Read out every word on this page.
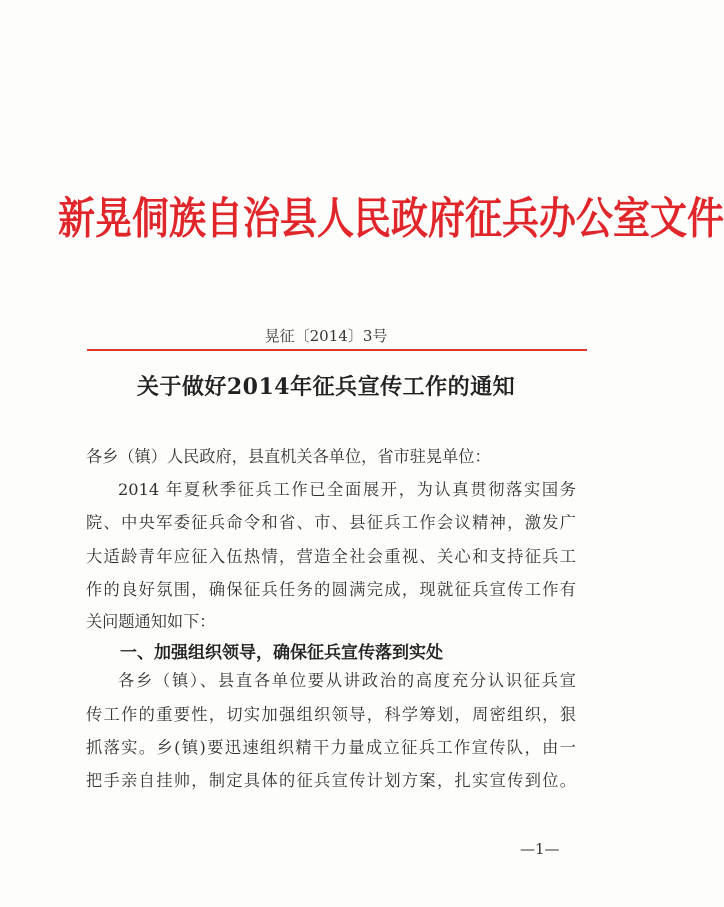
新晃侗族自治县人民政府征兵办公室文件
晃征〔2014〕3号
关于做好2014年征兵宣传工作的通知
各乡（镇）人民政府，县直机关各单位，省市驻晃单位：
2014 年夏秋季征兵工作已全面展开，为认真贯彻落实国务
院、中央军委征兵命令和省、市、县征兵工作会议精神，激发广
大适龄青年应征入伍热情，营造全社会重视、关心和支持征兵工
作的良好氛围，确保征兵任务的圆满完成，现就征兵宣传工作有
关问题通知如下：
一、加强组织领导，确保征兵宣传落到实处
各乡（镇）、县直各单位要从讲政治的高度充分认识征兵宣
传工作的重要性，切实加强组织领导，科学筹划，周密组织，狠
抓落实。乡(镇)要迅速组织精干力量成立征兵工作宣传队，由一
把手亲自挂帅，制定具体的征兵宣传计划方案，扎实宣传到位。
—1—
